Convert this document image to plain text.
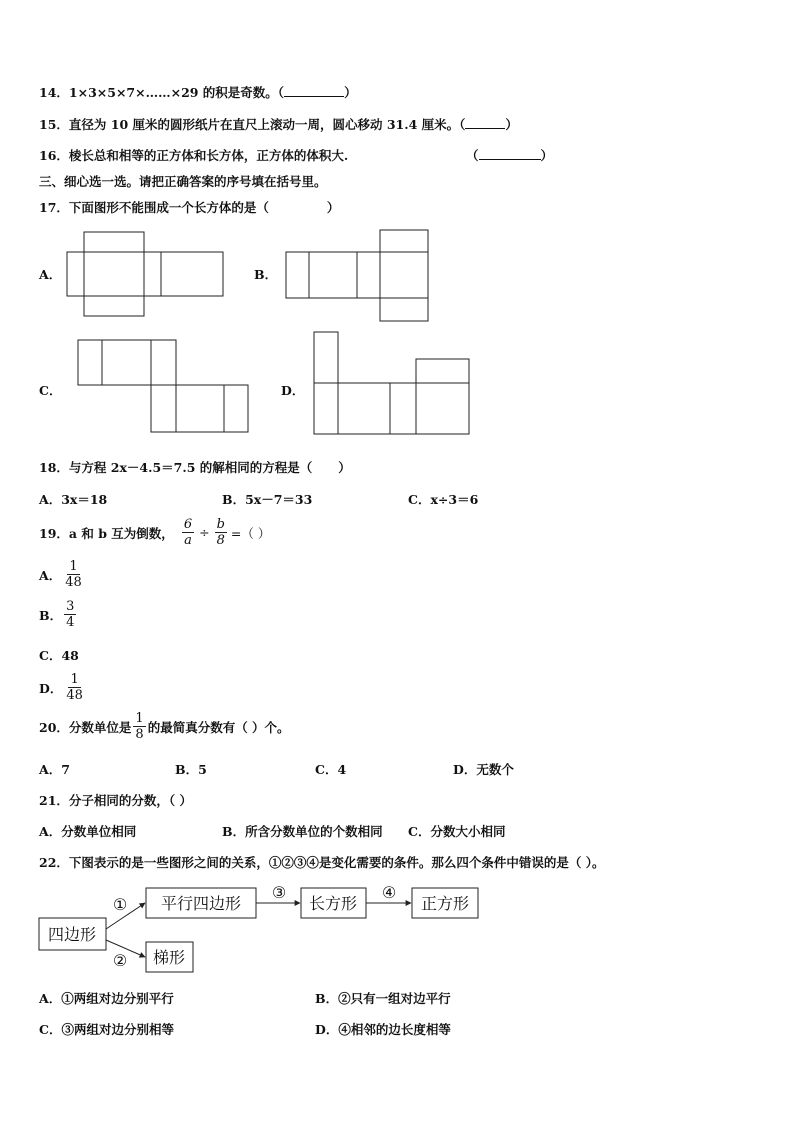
14．1×3×5×7×……×29 的积是奇数。（	）
15．直径为 10 厘米的圆形纸片在直尺上滚动一周，圆心移动 31.4 厘米。（	）
16．棱长总和相等的正方体和长方体，正方体的体积大.	（	）
三、细心选一选。请把正确答案的序号填在括号里。
17．下面图形不能围成一个长方体的是（	）
A．	B．
C．	D．
18．与方程 2x－4.5＝7.5 的解相同的方程是（ ）
A．3x＝18	B．5x－7＝33	C．x÷3＝6
19． a 和 b 互为倒数， $\frac{6}{a} \div \frac{b}{8}$ =（ ）
A． $\frac{1}{48}$
B． $\frac{3}{4}$
C．48
D． $\frac{1}{48}$
20． 分数单位是 $\frac{1}{8}$ 的最简真分数有（ ）个。
A．7	B．5	C．4	D．无数个
21．分子相同的分数，（ ）
A．分数单位相同	B．所含分数单位的个数相同 C．分数大小相同
22．下图表示的是一些图形之间的关系，①②③④是变化需要的条件。那么四个条件中错误的是（ ）。
四边形
平行四边形	长方形	正方形
梯形
①
②
③	④
A．①两组对边分别平行	B．②只有一组对边平行
C．③两组对边分别相等	D．④相邻的边长度相等
